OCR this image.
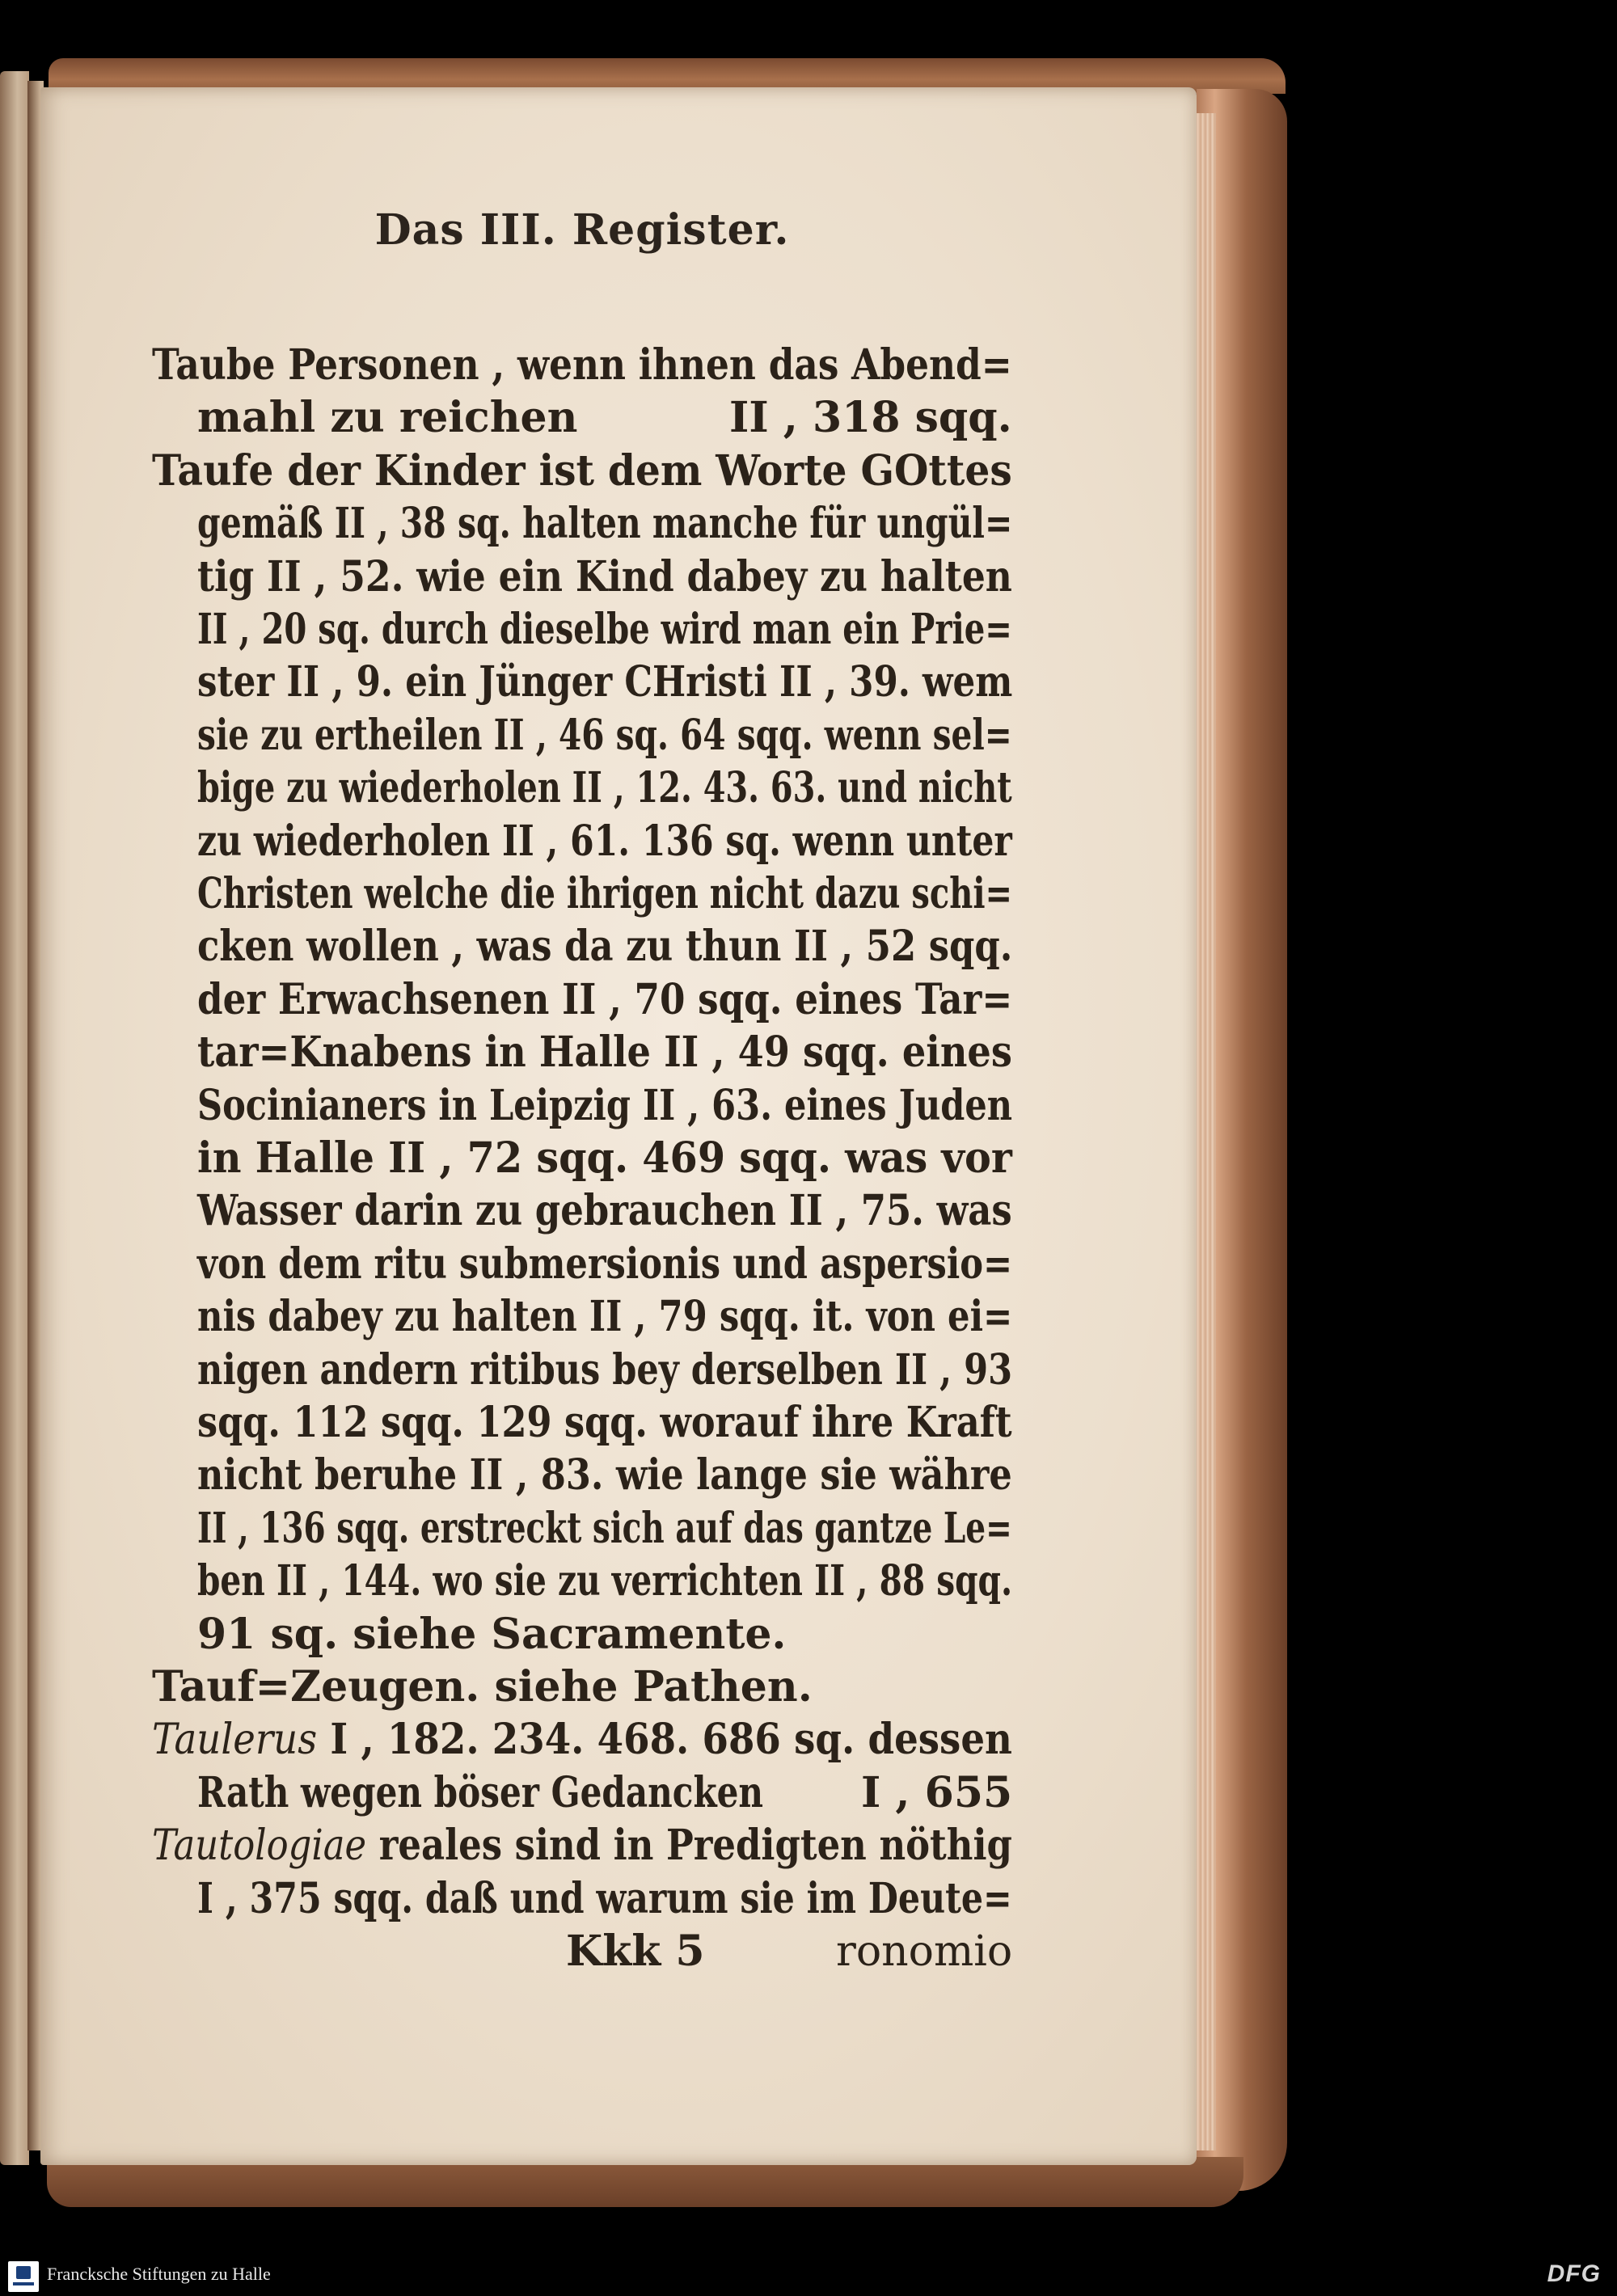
Das III. Register.
Taube Personen , wenn ihnen das Abend=
mahl zu reichen	II , 318 sqq.
Taufe der Kinder ist dem Worte GOttes
gemäß II , 38 sq. halten manche für ungül=
tig II , 52. wie ein Kind dabey zu halten
II , 20 sq. durch dieselbe wird man ein Prie=
ster II , 9. ein Jünger CHristi II , 39. wem
sie zu ertheilen II , 46 sq. 64 sqq. wenn sel=
bige zu wiederholen II , 12. 43. 63. und nicht
zu wiederholen II , 61. 136 sq. wenn unter
Christen welche die ihrigen nicht dazu schi=
cken wollen , was da zu thun II , 52 sqq.
der Erwachsenen II , 70 sqq. eines Tar=
tar=Knabens in Halle II , 49 sqq. eines
Socinianers in Leipzig II , 63. eines Juden
in Halle II , 72 sqq. 469 sqq. was vor
Wasser darin zu gebrauchen II , 75. was
von dem ritu submersionis und aspersio=
nis dabey zu halten II , 79 sqq. it. von ei=
nigen andern ritibus bey derselben II , 93
sqq. 112 sqq. 129 sqq. worauf ihre Kraft
nicht beruhe II , 83. wie lange sie währe
II , 136 sqq. erstreckt sich auf das gantze Le=
ben II , 144. wo sie zu verrichten II , 88 sqq.
91 sq. siehe Sacramente.
Tauf=Zeugen. siehe Pathen.
Taulerus I , 182. 234. 468. 686 sq. dessen
Rath wegen böser Gedancken I , 655
Tautologiae reales sind in Predigten nöthig
I , 375 sqq. daß und warum sie im Deute=
Kkk 5	ronomio
Francksche Stiftungen zu Halle	DFG
